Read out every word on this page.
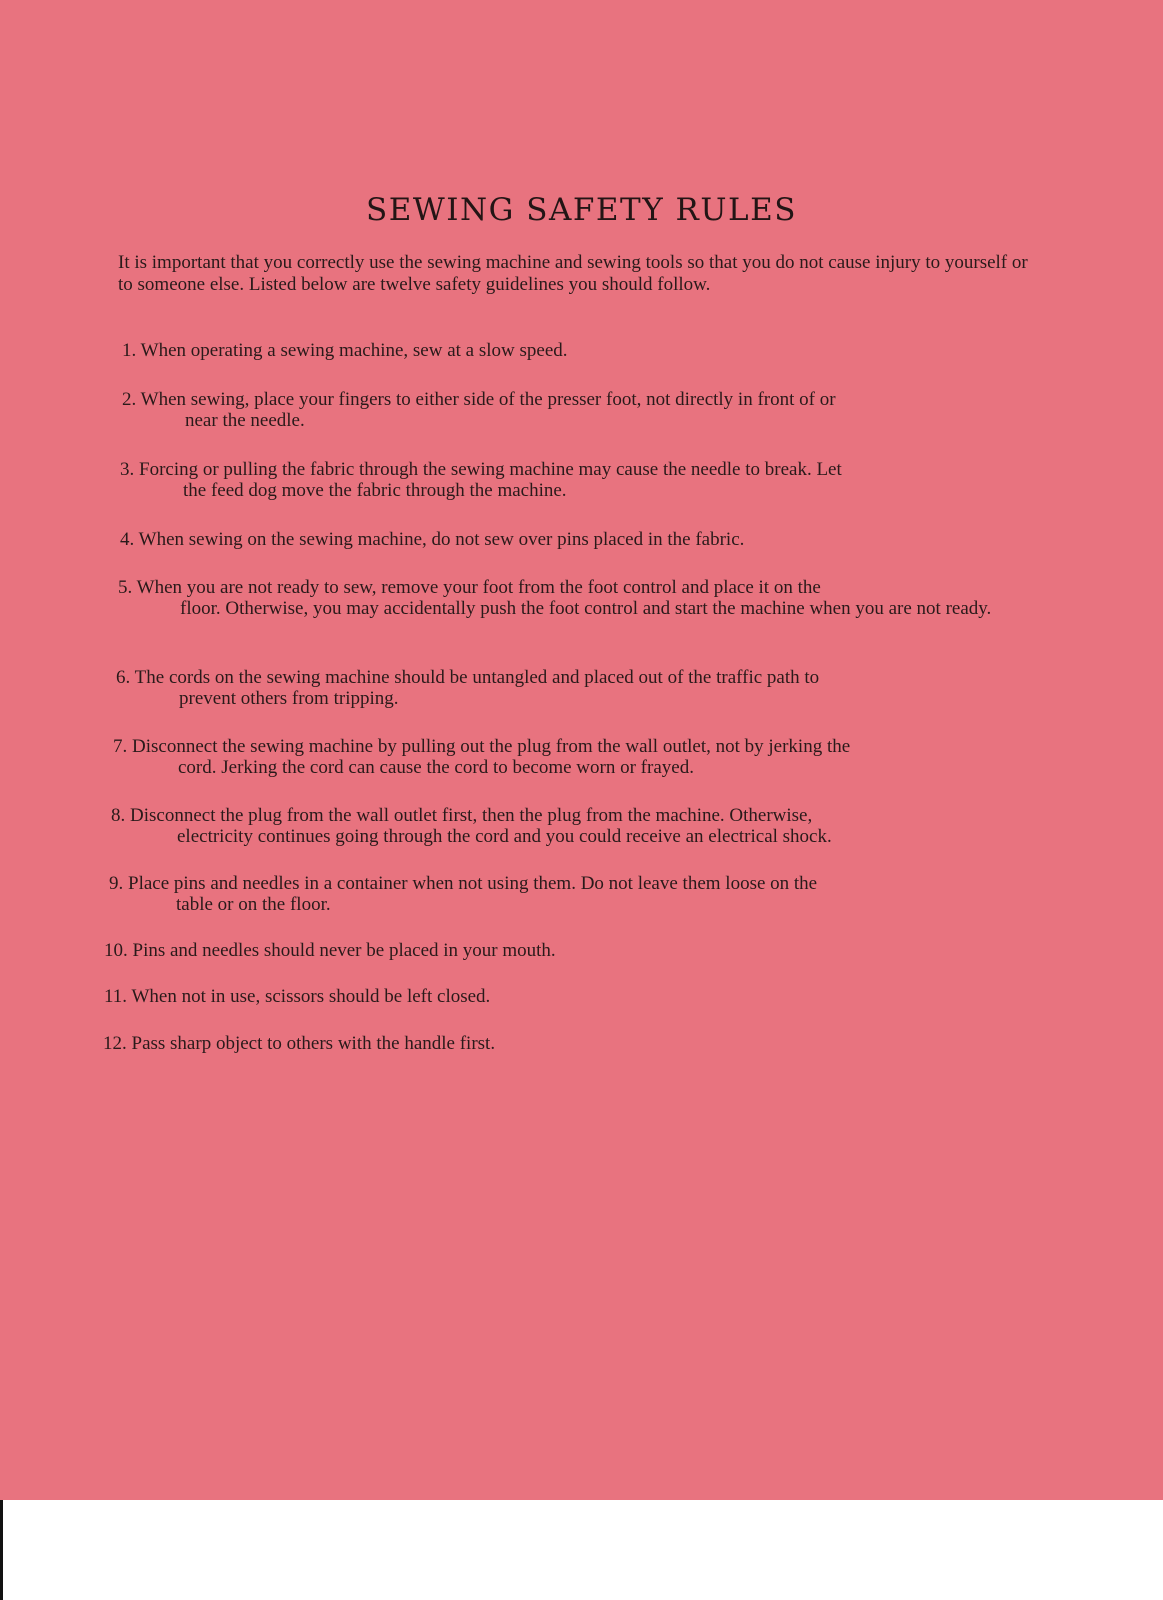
SEWING SAFETY RULES

It is important that you correctly use the sewing machine and sewing tools so that you do not cause injury to yourself or to someone else. Listed below are twelve safety guidelines you should follow.

1. When operating a sewing machine, sew at a slow speed.
2. When sewing, place your fingers to either side of the presser foot, not directly in front of or
near the needle.
3. Forcing or pulling the fabric through the sewing machine may cause the needle to break. Let
the feed dog move the fabric through the machine.
4. When sewing on the sewing machine, do not sew over pins placed in the fabric.
5. When you are not ready to sew, remove your foot from the foot control and place it on the
floor. Otherwise, you may accidentally push the foot control and start the machine when you are not ready.
6. The cords on the sewing machine should be untangled and placed out of the traffic path to
prevent others from tripping.
7. Disconnect the sewing machine by pulling out the plug from the wall outlet, not by jerking the
cord. Jerking the cord can cause the cord to become worn or frayed.
8. Disconnect the plug from the wall outlet first, then the plug from the machine. Otherwise,
electricity continues going through the cord and you could receive an electrical shock.
9. Place pins and needles in a container when not using them. Do not leave them loose on the
table or on the floor.
10. Pins and needles should never be placed in your mouth.
11. When not in use, scissors should be left closed.
12. Pass sharp object to others with the handle first.
